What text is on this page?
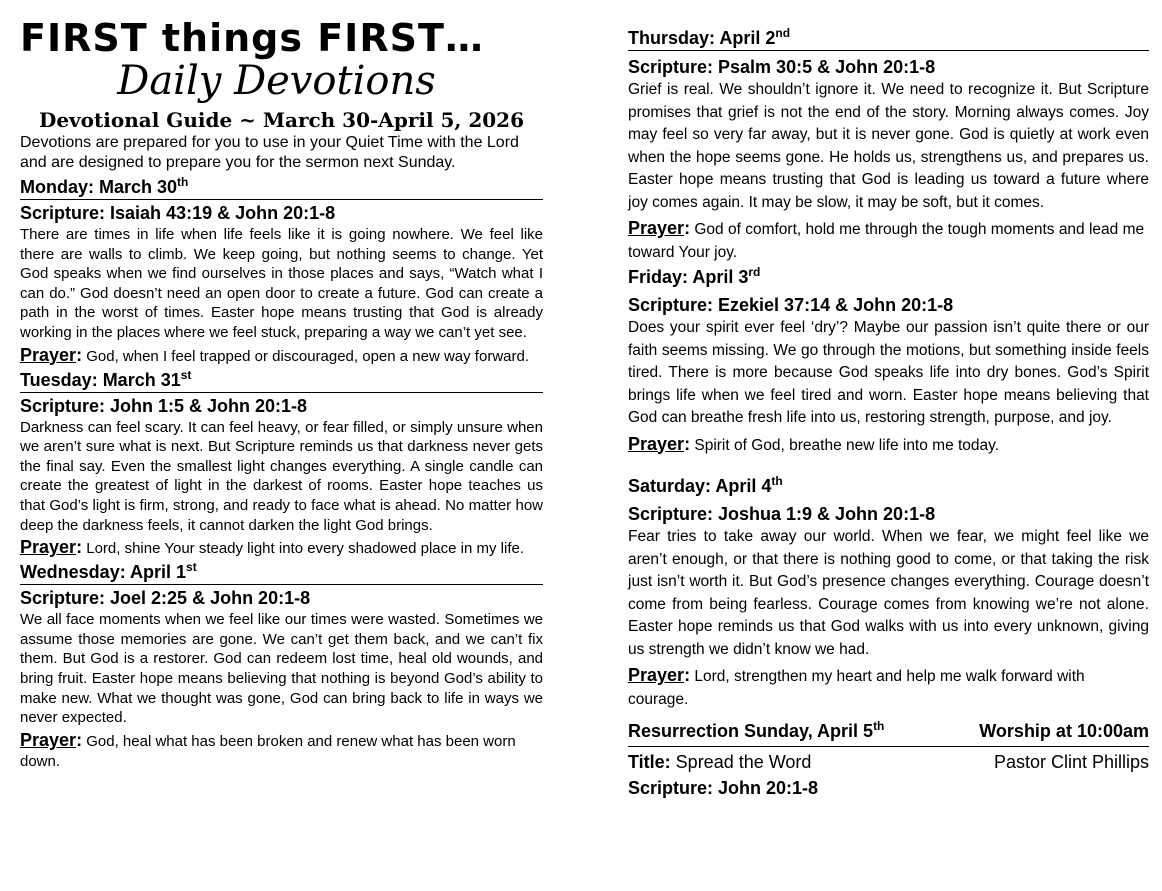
FIRST things FIRST…
Daily Devotions
Devotional Guide ~ March 30-April 5, 2026
Devotions are prepared for you to use in your Quiet Time with the Lord and are designed to prepare you for the sermon next Sunday.
Monday: March 30th
Scripture: Isaiah 43:19 & John 20:1-8
There are times in life when life feels like it is going nowhere. We feel like there are walls to climb. We keep going, but nothing seems to change. Yet God speaks when we find ourselves in those places and says, “Watch what I can do.” God doesn’t need an open door to create a future. God can create a path in the worst of times. Easter hope means trusting that God is already working in the places where we feel stuck, preparing a way we can’t yet see.
Prayer: God, when I feel trapped or discouraged, open a new way forward.
Tuesday: March 31st
Scripture: John 1:5 & John 20:1-8
Darkness can feel scary. It can feel heavy, or fear filled, or simply unsure when we aren’t sure what is next. But Scripture reminds us that darkness never gets the final say. Even the smallest light changes everything. A single candle can create the greatest of light in the darkest of rooms. Easter hope teaches us that God’s light is firm, strong, and ready to face what is ahead. No matter how deep the darkness feels, it cannot darken the light God brings.
Prayer: Lord, shine Your steady light into every shadowed place in my life.
Wednesday: April 1st
Scripture: Joel 2:25 & John 20:1-8
We all face moments when we feel like our times were wasted. Sometimes we assume those memories are gone. We can’t get them back, and we can’t fix them. But God is a restorer. God can redeem lost time, heal old wounds, and bring fruit. Easter hope means believing that nothing is beyond God’s ability to make new. What we thought was gone, God can bring back to life in ways we never expected.
Prayer: God, heal what has been broken and renew what has been worn down.
Thursday: April 2nd
Scripture: Psalm 30:5 & John 20:1-8
Grief is real. We shouldn’t ignore it. We need to recognize it. But Scripture promises that grief is not the end of the story. Morning always comes. Joy may feel so very far away, but it is never gone. God is quietly at work even when the hope seems gone. He holds us, strengthens us, and prepares us. Easter hope means trusting that God is leading us toward a future where joy comes again. It may be slow, it may be soft, but it comes.
Prayer: God of comfort, hold me through the tough moments and lead me toward Your joy.
Friday: April 3rd
Scripture: Ezekiel 37:14 & John 20:1-8
Does your spirit ever feel ‘dry’? Maybe our passion isn’t quite there or our faith seems missing. We go through the motions, but something inside feels tired. There is more because God speaks life into dry bones. God’s Spirit brings life when we feel tired and worn. Easter hope means believing that God can breathe fresh life into us, restoring strength, purpose, and joy.
Prayer: Spirit of God, breathe new life into me today.
Saturday: April 4th
Scripture: Joshua 1:9 & John 20:1-8
Fear tries to take away our world. When we fear, we might feel like we aren’t enough, or that there is nothing good to come, or that taking the risk just isn’t worth it. But God’s presence changes everything. Courage doesn’t come from being fearless. Courage comes from knowing we’re not alone. Easter hope reminds us that God walks with us into every unknown, giving us strength we didn’t know we had.
Prayer: Lord, strengthen my heart and help me walk forward with courage.
Resurrection Sunday, April 5th	Worship at 10:00am
Title: Spread the Word	Pastor Clint Phillips
Scripture: John 20:1-8
